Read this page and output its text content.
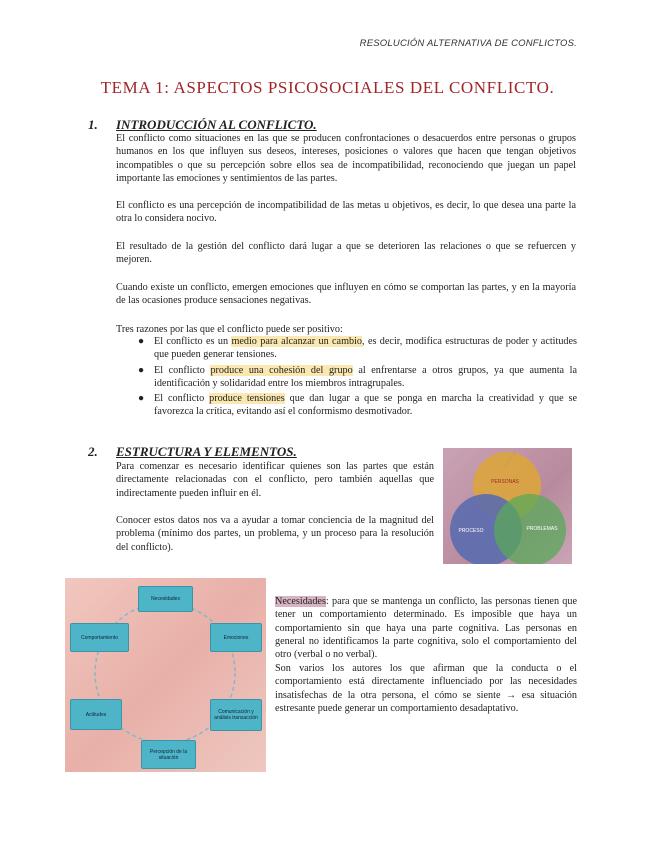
RESOLUCIÓN ALTERNATIVA DE CONFLICTOS.
TEMA 1: ASPECTOS PSICOSOCIALES DEL CONFLICTO.
1. INTRODUCCIÓN AL CONFLICTO.
El conflicto como situaciones en las que se producen confrontaciones o desacuerdos entre personas o grupos humanos en los que influyen sus deseos, intereses, posiciones o valores que hacen que tengan objetivos incompatibles o que su percepción sobre ellos sea de incompatibilidad, reconociendo que juegan un papel importante las emociones y sentimientos de las partes.
El conflicto es una percepción de incompatibilidad de las metas u objetivos, es decir, lo que desea una parte la otra lo considera nocivo.
El resultado de la gestión del conflicto dará lugar a que se deterioren las relaciones o que se refuercen y mejoren.
Cuando existe un conflicto, emergen emociones que influyen en cómo se comportan las partes, y en la mayoría de las ocasiones produce sensaciones negativas.
Tres razones por las que el conflicto puede ser positivo:
● El conflicto es un medio para alcanzar un cambio, es decir, modifica estructuras de poder y actitudes que pueden generar tensiones.
● El conflicto produce una cohesión del grupo al enfrentarse a otros grupos, ya que aumenta la identificación y solidaridad entre los miembros intragrupales.
● El conflicto produce tensiones que dan lugar a que se ponga en marcha la creatividad y que se favorezca la crítica, evitando así el conformismo desmotivador.
2. ESTRUCTURA Y ELEMENTOS.
Para comenzar es necesario identificar quienes son las partes que están directamente relacionadas con el conflicto, pero también aquellas que indirectamente pueden influir en él.
Conocer estos datos nos va a ayudar a tomar conciencia de la magnitud del problema (mínimo dos partes, un problema, y un proceso para la resolución del conflicto).
PERSONAS
PROCESO	PROBLEMAS
Necesidades
Emociones
Comunicación y análisis transacción
Percepción de la situación
Actitudes
Comportamiento
Necesidades: para que se mantenga un conflicto, las personas tienen que tener un comportamiento determinado. Es imposible que haya un comportamiento sin que haya una parte cognitiva. Las personas en general no identificamos la parte cognitiva, solo el comportamiento del otro (verbal o no verbal).
Son varios los autores los que afirman que la conducta o el comportamiento está directamente influenciado por las necesidades insatisfechas de la otra persona, el cómo se siente → esa situación estresante puede generar un comportamiento desadaptativo.
